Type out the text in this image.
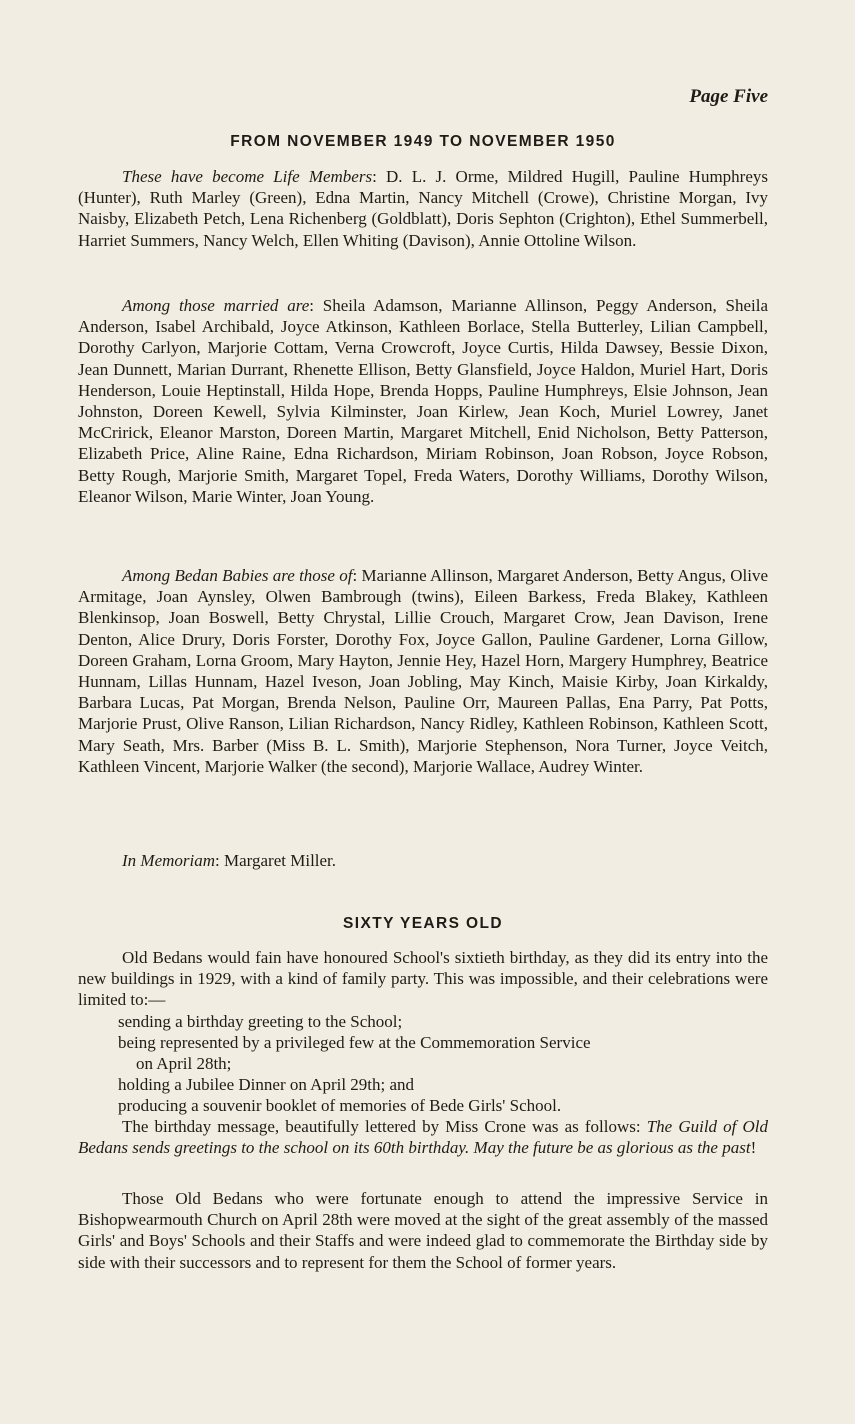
Page Five
FROM NOVEMBER 1949 TO NOVEMBER 1950

These have become Life Members: D. L. J. Orme, Mildred Hugill, Pauline Humphreys (Hunter), Ruth Marley (Green), Edna Martin, Nancy Mitchell (Crowe), Christine Morgan, Ivy Naisby, Elizabeth Petch, Lena Richenberg (Goldblatt), Doris Sephton (Crighton), Ethel Summerbell, Harriet Summers, Nancy Welch, Ellen Whiting (Davison), Annie Ottoline Wilson.

Among those married are: Sheila Adamson, Marianne Allinson, Peggy Anderson, Sheila Anderson, Isabel Archibald, Joyce Atkinson, Kathleen Borlace, Stella Butterley, Lilian Campbell, Dorothy Carlyon, Marjorie Cottam, Verna Crowcroft, Joyce Curtis, Hilda Dawsey, Bessie Dixon, Jean Dunnett, Marian Durrant, Rhenette Ellison, Betty Glansfield, Joyce Haldon, Muriel Hart, Doris Henderson, Louie Heptinstall, Hilda Hope, Brenda Hopps, Pauline Humphreys, Elsie Johnson, Jean Johnston, Doreen Kewell, Sylvia Kilminster, Joan Kirlew, Jean Koch, Muriel Lowrey, Janet McCririck, Eleanor Marston, Doreen Martin, Margaret Mitchell, Enid Nicholson, Betty Patterson, Elizabeth Price, Aline Raine, Edna Richardson, Miriam Robinson, Joan Robson, Joyce Robson, Betty Rough, Marjorie Smith, Margaret Topel, Freda Waters, Dorothy Williams, Dorothy Wilson, Eleanor Wilson, Marie Winter, Joan Young.

Among Bedan Babies are those of: Marianne Allinson, Margaret Anderson, Betty Angus, Olive Armitage, Joan Aynsley, Olwen Bambrough (twins), Eileen Barkess, Freda Blakey, Kathleen Blenkinsop, Joan Boswell, Betty Chrystal, Lillie Crouch, Margaret Crow, Jean Davison, Irene Denton, Alice Drury, Doris Forster, Dorothy Fox, Joyce Gallon, Pauline Gardener, Lorna Gillow, Doreen Graham, Lorna Groom, Mary Hayton, Jennie Hey, Hazel Horn, Margery Humphrey, Beatrice Hunnam, Lillas Hunnam, Hazel Iveson, Joan Jobling, May Kinch, Maisie Kirby, Joan Kirkaldy, Barbara Lucas, Pat Morgan, Brenda Nelson, Pauline Orr, Maureen Pallas, Ena Parry, Pat Potts, Marjorie Prust, Olive Ranson, Lilian Richardson, Nancy Ridley, Kathleen Robinson, Kathleen Scott, Mary Seath, Mrs. Barber (Miss B. L. Smith), Marjorie Stephenson, Nora Turner, Joyce Veitch, Kathleen Vincent, Marjorie Walker (the second), Marjorie Wallace, Audrey Winter.

In Memoriam: Margaret Miller.

SIXTY YEARS OLD

Old Bedans would fain have honoured School's sixtieth birthday, as they did its entry into the new buildings in 1929, with a kind of family party. This was impossible, and their celebrations were limited to:—

sending a birthday greeting to the School;
being represented by a privileged few at the Commemoration Service
on April 28th;
holding a Jubilee Dinner on April 29th; and
producing a souvenir booklet of memories of Bede Girls' School.

The birthday message, beautifully lettered by Miss Crone was as follows: The Guild of Old Bedans sends greetings to the school on its 60th birthday. May the future be as glorious as the past!

Those Old Bedans who were fortunate enough to attend the impressive Service in Bishopwearmouth Church on April 28th were moved at the sight of the great assembly of the massed Girls' and Boys' Schools and their Staffs and were indeed glad to commemorate the Birthday side by side with their successors and to represent for them the School of former years.
